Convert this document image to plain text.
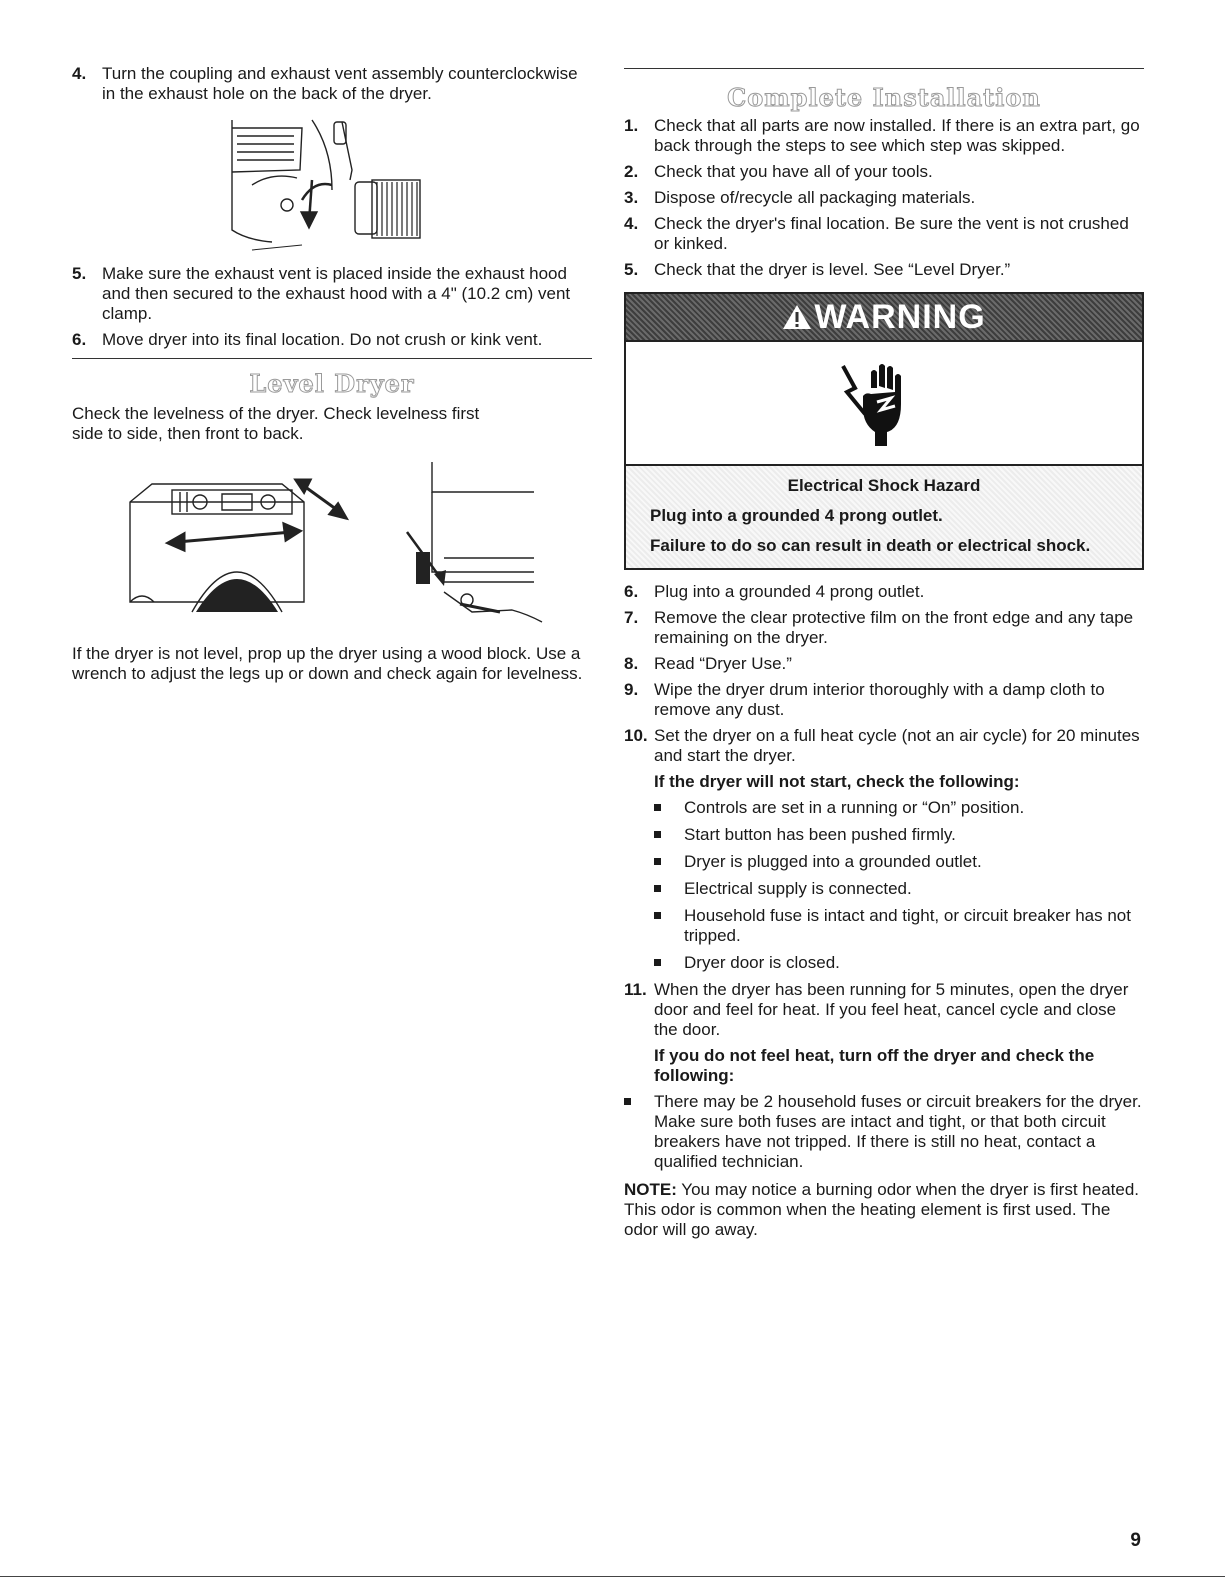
4. Turn the coupling and exhaust vent assembly counterclockwise in the exhaust hole on the back of the dryer.
5. Make sure the exhaust vent is placed inside the exhaust hood and then secured to the exhaust hood with a 4" (10.2 cm) vent clamp.
6. Move dryer into its final location. Do not crush or kink vent.
Level Dryer

Check the levelness of the dryer. Check levelness first side to side, then front to back.

If the dryer is not level, prop up the dryer using a wood block. Use a wrench to adjust the legs up or down and check again for levelness.

Complete Installation
1. Check that all parts are now installed. If there is an extra part, go back through the steps to see which step was skipped.
2. Check that you have all of your tools.
3. Dispose of/recycle all packaging materials.
4. Check the dryer's final location. Be sure the vent is not crushed or kinked.
5. Check that the dryer is level. See “Level Dryer.”
WARNING
Electrical Shock Hazard
Plug into a grounded 4 prong outlet.
Failure to do so can result in death or electrical shock.
6. Plug into a grounded 4 prong outlet.
7. Remove the clear protective film on the front edge and any tape remaining on the dryer.
8. Read “Dryer Use.”
9. Wipe the dryer drum interior thoroughly with a damp cloth to remove any dust.
10. Set the dryer on a full heat cycle (not an air cycle) for 20 minutes and start the dryer.
If the dryer will not start, check the following:
Controls are set in a running or “On” position.
Start button has been pushed firmly.
Dryer is plugged into a grounded outlet.
Electrical supply is connected.
Household fuse is intact and tight, or circuit breaker has not tripped.
Dryer door is closed.
11. When the dryer has been running for 5 minutes, open the dryer door and feel for heat. If you feel heat, cancel cycle and close the door.
If you do not feel heat, turn off the dryer and check the following:
There may be 2 household fuses or circuit breakers for the dryer. Make sure both fuses are intact and tight, or that both circuit breakers have not tripped. If there is still no heat, contact a qualified technician.

NOTE: You may notice a burning odor when the dryer is first heated. This odor is common when the heating element is first used. The odor will go away.

9
